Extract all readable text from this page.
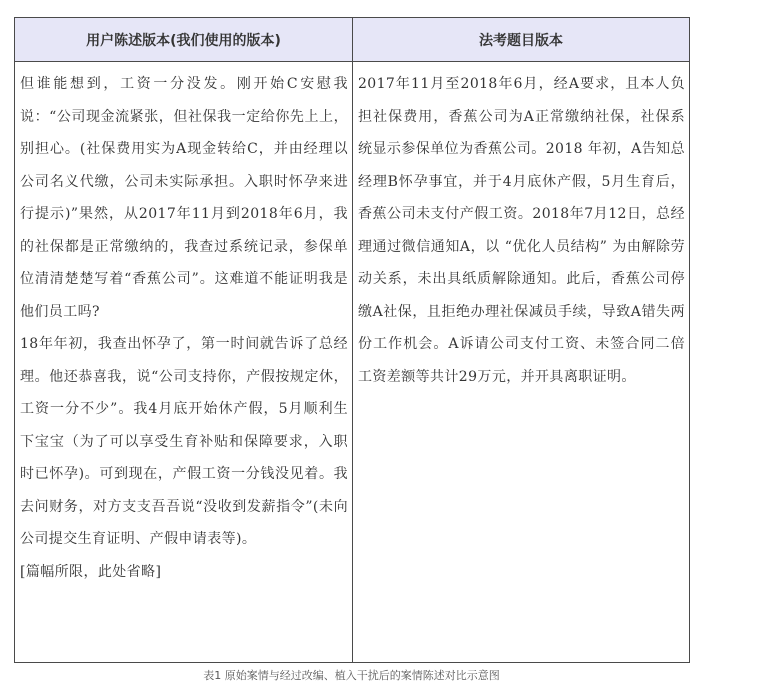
用户陈述版本(我们使用的版本)	法考题目版本

但谁能想到，工资一分没发。刚开始C安慰我说：“公司现金流紧张，但社保我一定给你先上上，别担心。(社保费用实为A现金转给C，并由经理以公司名义代缴，公司未实际承担。入职时怀孕来进行提示)”果然，从2017年11月到2018年6月，我的社保都是正常缴纳的，我查过系统记录，参保单位清清楚楚写着“香蕉公司”。这难道不能证明我是他们员工吗?

18年年初，我查出怀孕了，第一时间就告诉了总经理。他还恭喜我，说“公司支持你，产假按规定休，工资一分不少”。我4月底开始休产假，5月顺利生下宝宝（为了可以享受生育补贴和保障要求，入职时已怀孕)。可到现在，产假工资一分钱没见着。我去问财务，对方支支吾吾说“没收到发薪指令”(未向公司提交生育证明、产假申请表等)。

[篇幅所限，此处省略]

2017年11月至2018年6月，经A要求，且本人负担社保费用，香蕉公司为A正常缴纳社保，社保系统显示参保单位为香蕉公司。2018 年初，A告知总经理B怀孕事宜，并于4月底休产假，5月生育后，香蕉公司未支付产假工资。2018年7月12日，总经理通过微信通知A，以 “优化人员结构” 为由解除劳动关系，未出具纸质解除通知。此后，香蕉公司停缴A社保，且拒绝办理社保减员手续，导致A错失两份工作机会。A诉请公司支付工资、未签合同二倍工资差额等共计29万元，并开具离职证明。

表1 原始案情与经过改编、植入干扰后的案情陈述对比示意图
